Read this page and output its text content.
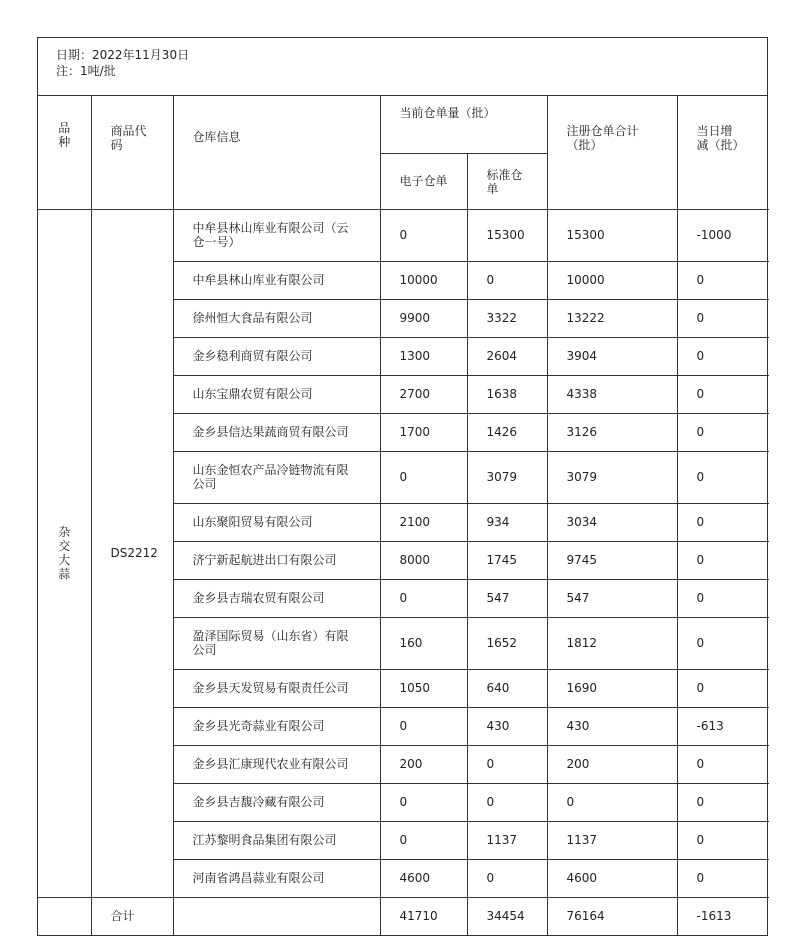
日期：2022年11月30日
注：1吨/批
品种	商品代码	仓库信息	当前仓单量（批）		注册仓单合计（批）	当日增减（批）
			电子仓单	标准仓单		
杂交大蒜	DS2212	中牟县林山库业有限公司（云仓一号）	0	15300	15300	-1000
		中牟县林山库业有限公司	10000	0	10000	0
		徐州恒大食品有限公司	9900	3322	13222	0
		金乡稳利商贸有限公司	1300	2604	3904	0
		山东宝鼎农贸有限公司	2700	1638	4338	0
		金乡县信达果蔬商贸有限公司	1700	1426	3126	0
		山东金恒农产品冷链物流有限公司	0	3079	3079	0
		山东聚阳贸易有限公司	2100	934	3034	0
		济宁新起航进出口有限公司	8000	1745	9745	0
		金乡县吉瑞农贸有限公司	0	547	547	0
		盈泽国际贸易（山东省）有限公司	160	1652	1812	0
		金乡县天发贸易有限责任公司	1050	640	1690	0
		金乡县光奇蒜业有限公司	0	430	430	-613
		金乡县汇康现代农业有限公司	200	0	200	0
		金乡县吉馥冷藏有限公司	0	0	0	0
		江苏黎明食品集团有限公司	0	1137	1137	0
		河南省鸿昌蒜业有限公司	4600	0	4600	0
	合计		41710	34454	76164	-1613
